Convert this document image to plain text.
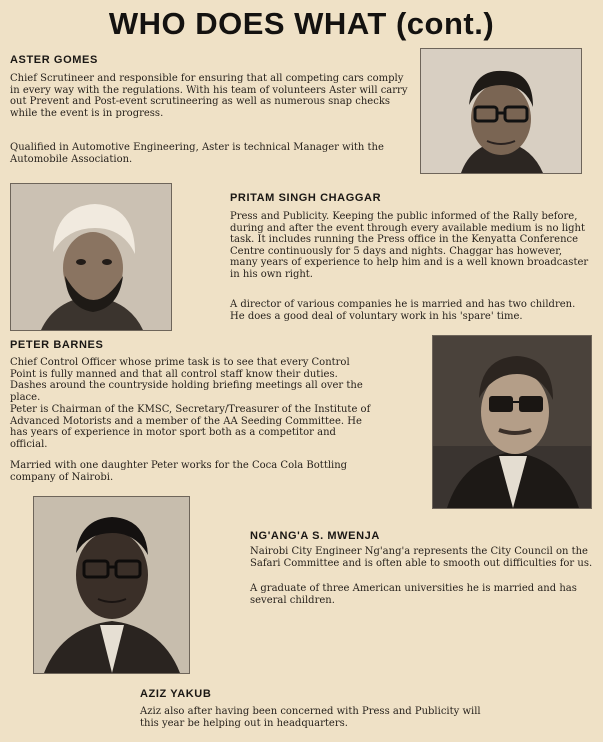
WHO DOES WHAT (cont.)
ASTER GOMES

Chief Scrutineer and responsible for ensuring that all competing cars comply in every way with the regulations. With his team of volunteers Aster will carry out Prevent and Post-event scrutineering as well as numerous snap checks while the event is in progress.

Qualified in Automotive Engineering, Aster is technical Manager with the Automobile Association.

PRITAM SINGH CHAGGAR

Press and Publicity. Keeping the public informed of the Rally before, during and after the event through every available medium is no light task. It includes running the Press office in the Kenyatta Conference Centre continuously for 5 days and nights. Chaggar has however, many years of experience to help him and is a well known broadcaster in his own right.

A director of various companies he is married and has two children. He does a good deal of voluntary work in his 'spare' time.

PETER BARNES

Chief Control Officer whose prime task is to see that every Control Point is fully manned and that all control staff know their duties. Dashes around the countryside holding briefing meetings all over the place.

Peter is Chairman of the KMSC, Secretary/Treasurer of the Institute of Advanced Motorists and a member of the AA Seeding Committee. He has years of experience in motor sport both as a competitor and official.

Married with one daughter Peter works for the Coca Cola Bottling company of Nairobi.

NG'ANG'A S. MWENJA

Nairobi City Engineer Ng'ang'a represents the City Council on the Safari Committee and is often able to smooth out difficulties for us.

A graduate of three American universities he is married and has several children.

AZIZ YAKUB

Aziz also after having been concerned with Press and Publicity will this year be helping out in headquarters.
